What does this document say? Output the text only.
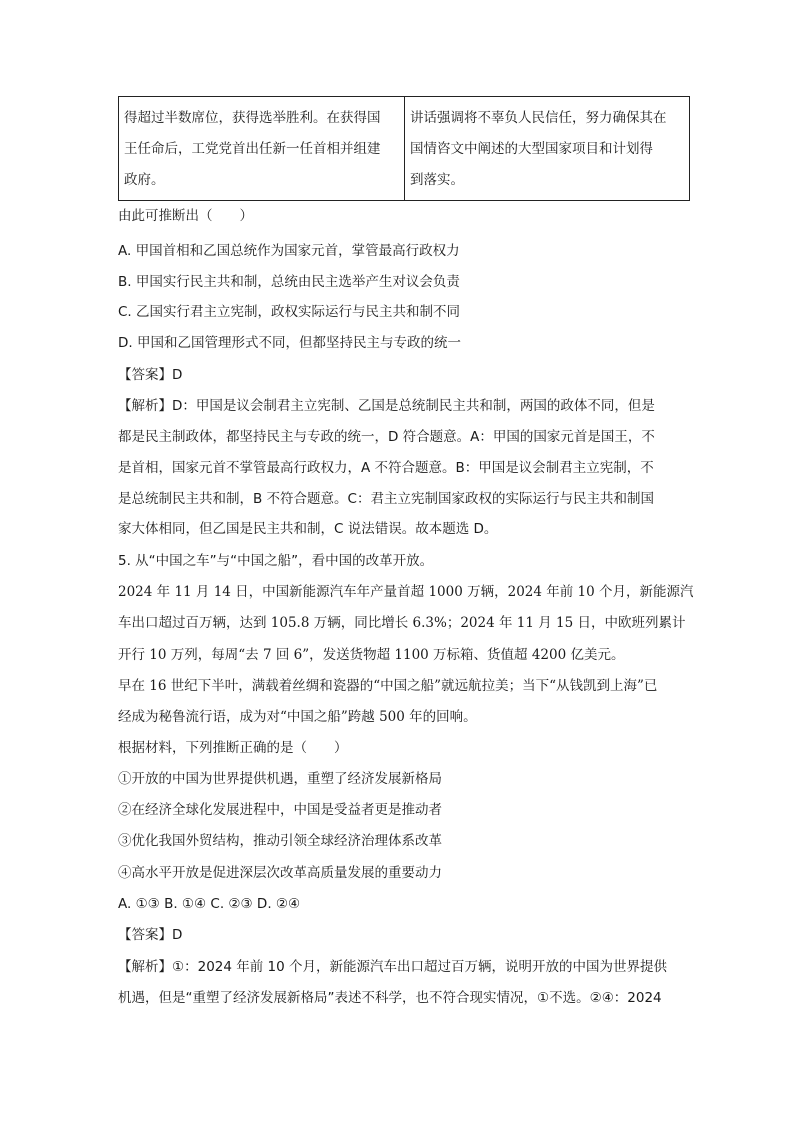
得超过半数席位，获得选举胜利。在获得国
王任命后，工党党首出任新一任首相并组建
政府。

讲话强调将不辜负人民信任，努力确保其在
国情咨文中阐述的大型国家项目和计划得
到落实。
由此可推断出（　　）
A. 甲国首相和乙国总统作为国家元首，掌管最高行政权力
B. 甲国实行民主共和制，总统由民主选举产生对议会负责
C. 乙国实行君主立宪制，政权实际运行与民主共和制不同
D. 甲国和乙国管理形式不同，但都坚持民主与专政的统一
【答案】D
【解析】D：甲国是议会制君主立宪制、乙国是总统制民主共和制，两国的政体不同，但是
都是民主制政体，都坚持民主与专政的统一，D 符合题意。A：甲国的国家元首是国王，不
是首相，国家元首不掌管最高行政权力，A 不符合题意。B：甲国是议会制君主立宪制，不
是总统制民主共和制，B 不符合题意。C：君主立宪制国家政权的实际运行与民主共和制国
家大体相同，但乙国是民主共和制，C 说法错误。故本题选 D。
5. 从“中国之车”与“中国之船”，看中国的改革开放。
2024 年 11 月 14 日，中国新能源汽车年产量首超 1000 万辆，2024 年前 10 个月，新能源汽
车出口超过百万辆，达到 105.8 万辆，同比增长 6.3%；2024 年 11 月 15 日，中欧班列累计
开行 10 万列，每周“去 7 回 6”，发送货物超 1100 万标箱、货值超 4200 亿美元。
早在 16 世纪下半叶，满载着丝绸和瓷器的“中国之船”就远航拉美；当下“从钱凯到上海”已
经成为秘鲁流行语，成为对“中国之船”跨越 500 年的回响。
根据材料，下列推断正确的是（　　）
①开放的中国为世界提供机遇，重塑了经济发展新格局
②在经济全球化发展进程中，中国是受益者更是推动者
③优化我国外贸结构，推动引领全球经济治理体系改革
④高水平开放是促进深层次改革高质量发展的重要动力
A. ①③ B. ①④ C. ②③ D. ②④
【答案】D
【解析】①：2024 年前 10 个月，新能源汽车出口超过百万辆，说明开放的中国为世界提供
机遇，但是“重塑了经济发展新格局”表述不科学，也不符合现实情况，①不选。②④：2024
